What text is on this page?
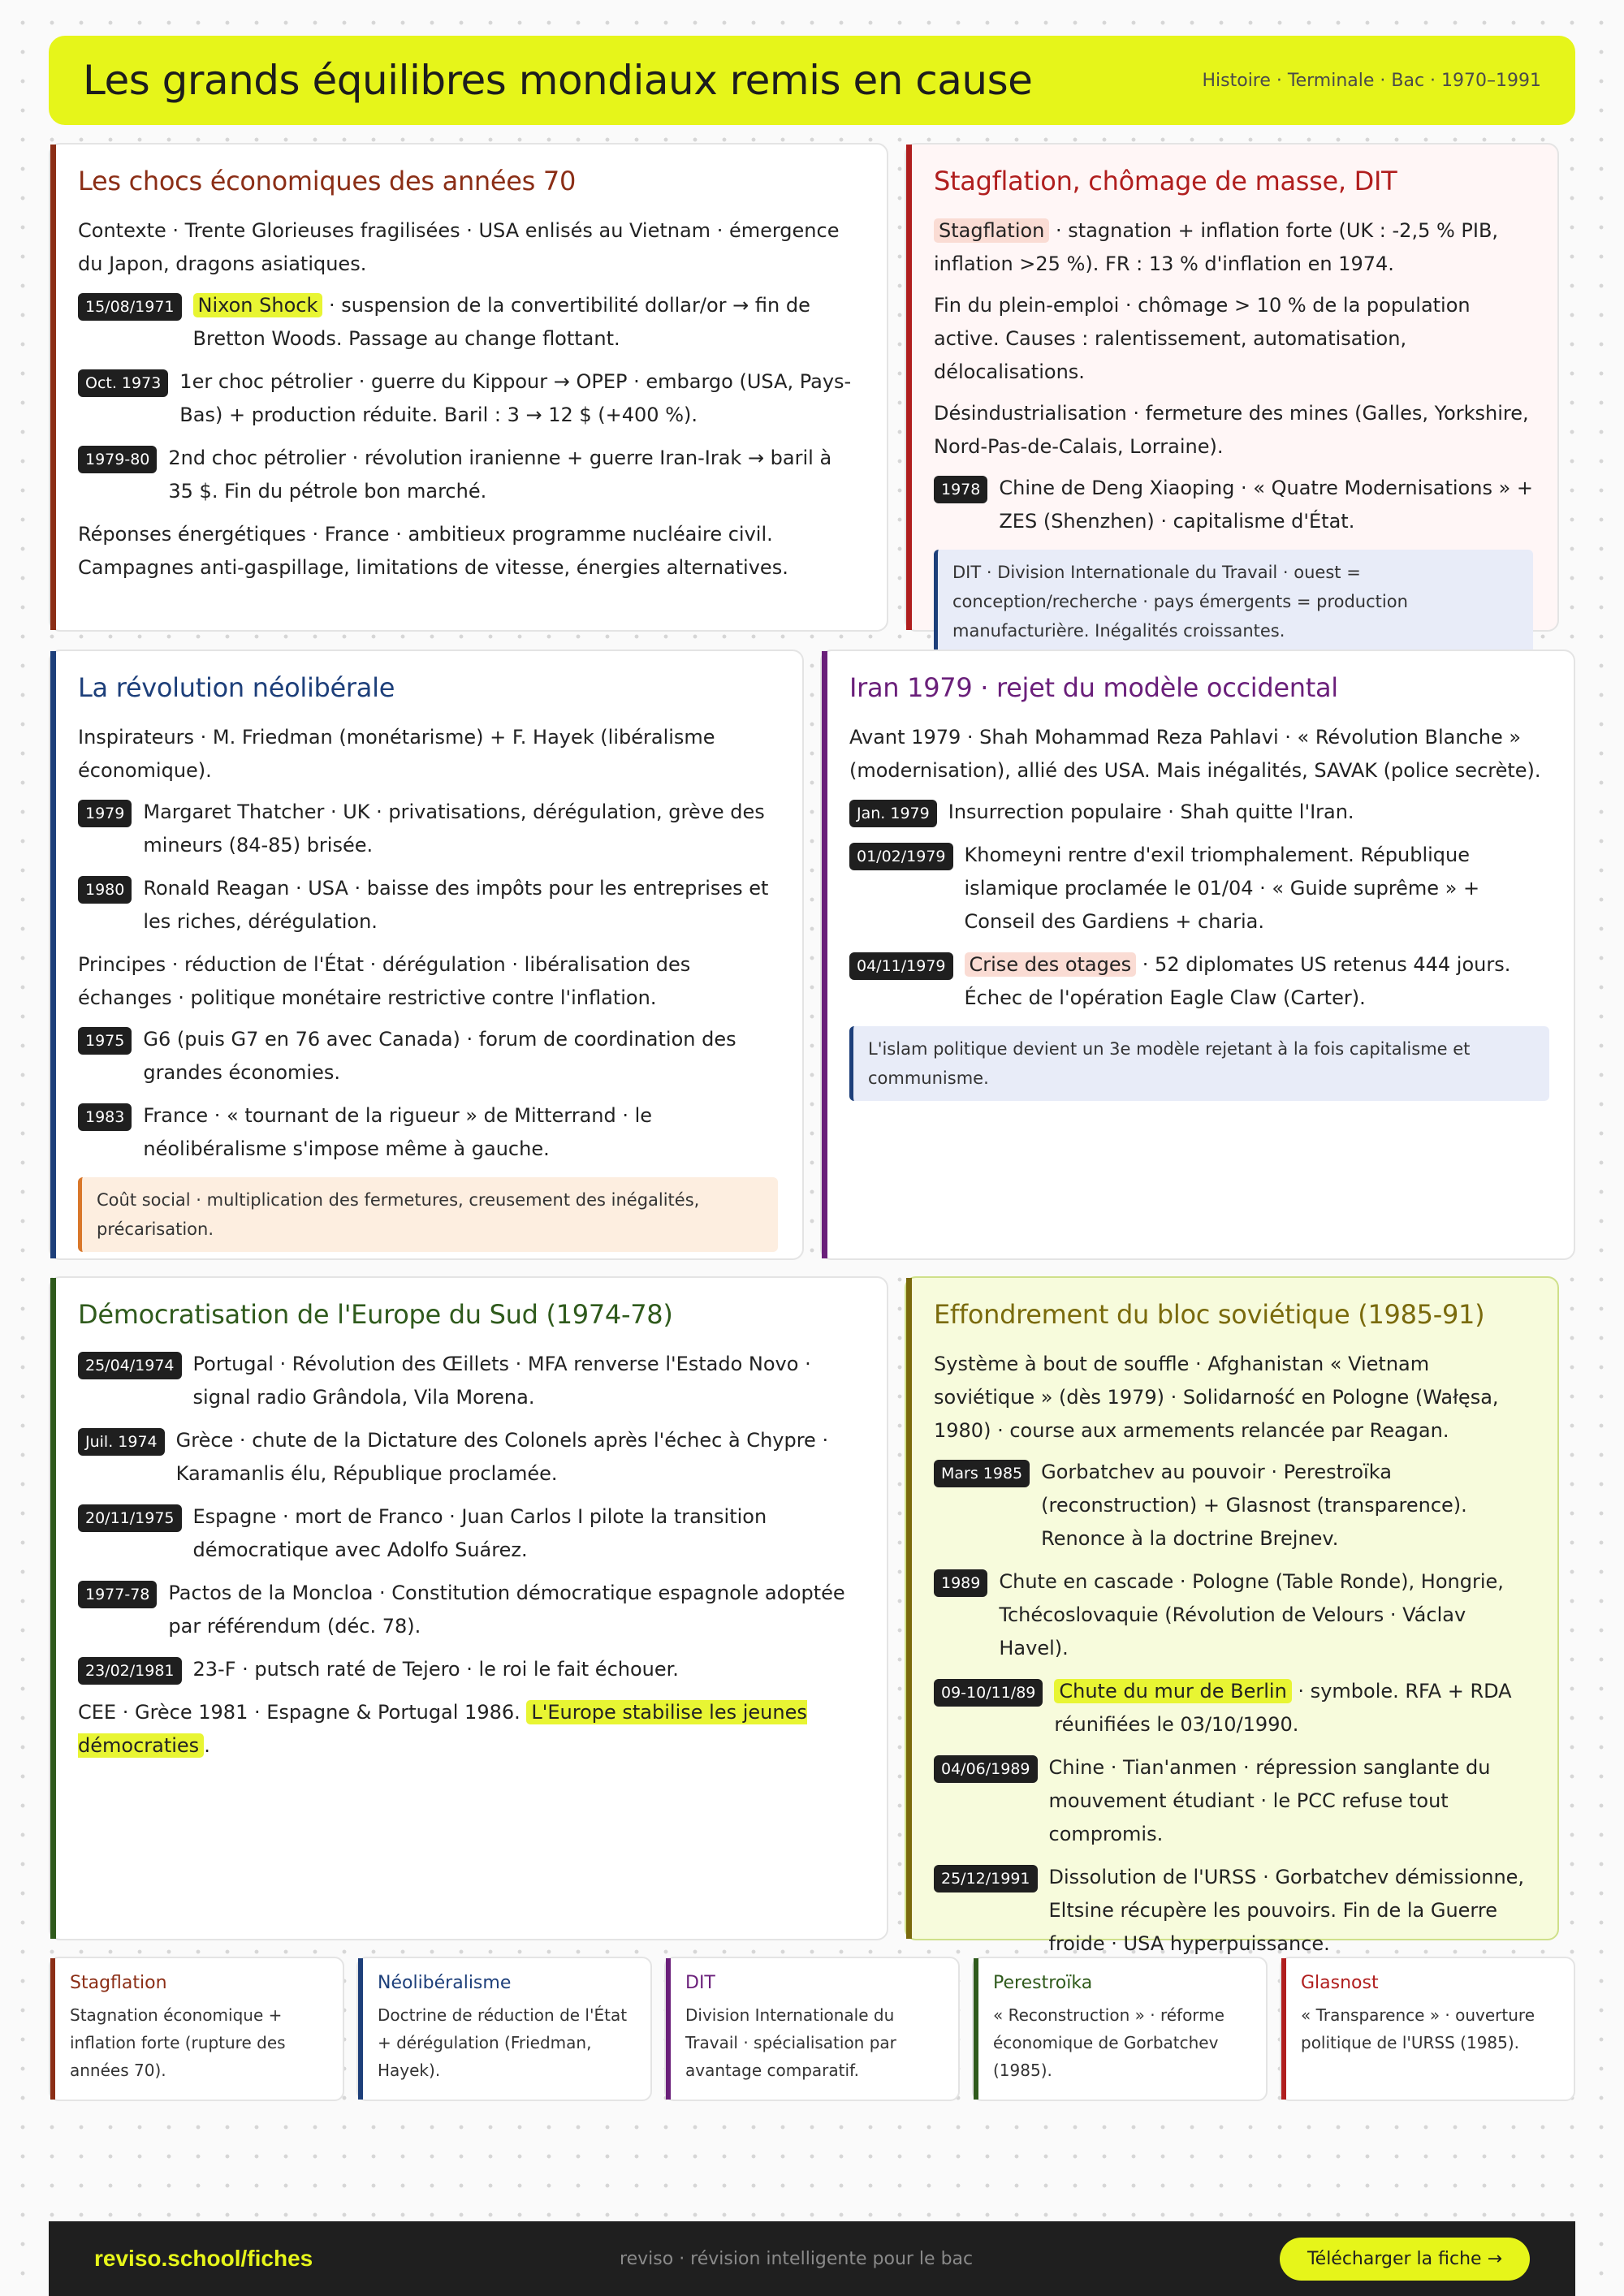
Les grands équilibres mondiaux remis en cause	Histoire · Terminale · Bac · 1970–1991
Les chocs économiques des années 70
Contexte · Trente Glorieuses fragilisées · USA enlisés au Vietnam · émergence du Japon, dragons asiatiques.
15/08/1971	Nixon Shock · suspension de la convertibilité dollar/or → fin de Bretton Woods. Passage au change flottant.
Oct. 1973 1er choc pétrolier · guerre du Kippour → OPEP · embargo (USA, Pays-Bas) + production réduite. Baril : 3 → 12 $ (+400 %).
1979-80 2nd choc pétrolier · révolution iranienne + guerre Iran-Irak → baril à 35 $. Fin du pétrole bon marché.
Réponses énergétiques · France · ambitieux programme nucléaire civil. Campagnes anti-gaspillage, limitations de vitesse, énergies alternatives.
Stagflation, chômage de masse, DIT
Stagflation · stagnation + inflation forte (UK : -2,5 % PIB, inflation >25 %). FR : 13 % d'inflation en 1974.
Fin du plein-emploi · chômage > 10 % de la population active. Causes : ralentissement, automatisation, délocalisations.
Désindustrialisation · fermeture des mines (Galles, Yorkshire, Nord-Pas-de-Calais, Lorraine).
1978 Chine de Deng Xiaoping · « Quatre Modernisations » + ZES (Shenzhen) · capitalisme d'État.
DIT · Division Internationale du Travail · ouest = conception/recherche · pays émergents = production manufacturière. Inégalités croissantes.
La révolution néolibérale
Inspirateurs · M. Friedman (monétarisme) + F. Hayek (libéralisme économique).
1979 Margaret Thatcher · UK · privatisations, dérégulation, grève des mineurs (84-85) brisée.
1980 Ronald Reagan · USA · baisse des impôts pour les entreprises et les riches, dérégulation.
Principes · réduction de l'État · dérégulation · libéralisation des échanges · politique monétaire restrictive contre l'inflation.
1975 G6 (puis G7 en 76 avec Canada) · forum de coordination des grandes économies.
1983 France · « tournant de la rigueur » de Mitterrand · le néolibéralisme s'impose même à gauche.
Coût social · multiplication des fermetures, creusement des inégalités, précarisation.
Iran 1979 · rejet du modèle occidental
Avant 1979 · Shah Mohammad Reza Pahlavi · « Révolution Blanche » (modernisation), allié des USA. Mais inégalités, SAVAK (police secrète).
Jan. 1979 Insurrection populaire · Shah quitte l'Iran.
01/02/1979 Khomeyni rentre d'exil triomphalement. République islamique proclamée le 01/04 · « Guide suprême » + Conseil des Gardiens + charia.
04/11/1979	Crise des otages · 52 diplomates US retenus 444 jours. Échec de l'opération Eagle Claw (Carter).
L'islam politique devient un 3e modèle rejetant à la fois capitalisme et communisme.
Démocratisation de l'Europe du Sud (1974-78)
25/04/1974 Portugal · Révolution des Œillets · MFA renverse l'Estado Novo · signal radio Grândola, Vila Morena.
Juil. 1974 Grèce · chute de la Dictature des Colonels après l'échec à Chypre · Karamanlis élu, République proclamée.
20/11/1975 Espagne · mort de Franco · Juan Carlos I pilote la transition démocratique avec Adolfo Suárez.
1977-78 Pactos de la Moncloa · Constitution démocratique espagnole adoptée par référendum (déc. 78).
23/02/1981 23-F · putsch raté de Tejero · le roi le fait échouer.
CEE · Grèce 1981 · Espagne & Portugal 1986. L'Europe stabilise les jeunes démocraties .
Effondrement du bloc soviétique (1985-91)
Système à bout de souffle · Afghanistan « Vietnam soviétique » (dès 1979) · Solidarność en Pologne (Wałęsa, 1980) · course aux armements relancée par Reagan.
Mars 1985 Gorbatchev au pouvoir · Perestroïka (reconstruction) + Glasnost (transparence). Renonce à la doctrine Brejnev.
1989 Chute en cascade · Pologne (Table Ronde), Hongrie, Tchécoslovaquie (Révolution de Velours · Václav Havel).
09-10/11/89	Chute du mur de Berlin · symbole. RFA + RDA réunifiées le 03/10/1990.
04/06/1989 Chine · Tian'anmen · répression sanglante du mouvement étudiant · le PCC refuse tout compromis.
25/12/1991 Dissolution de l'URSS · Gorbatchev démissionne, Eltsine récupère les pouvoirs. Fin de la Guerre froide · USA hyperpuissance.
Stagflation
Stagnation économique + inflation forte (rupture des années 70).
Néolibéralisme
Doctrine de réduction de l'État + dérégulation (Friedman, Hayek).
DIT
Division Internationale du Travail · spécialisation par avantage comparatif.
Perestroïka
« Reconstruction » · réforme économique de Gorbatchev (1985).
Glasnost
« Transparence » · ouverture politique de l'URSS (1985).
reviso.school/fiches	reviso · révision intelligente pour le bac	Télécharger la fiche →
